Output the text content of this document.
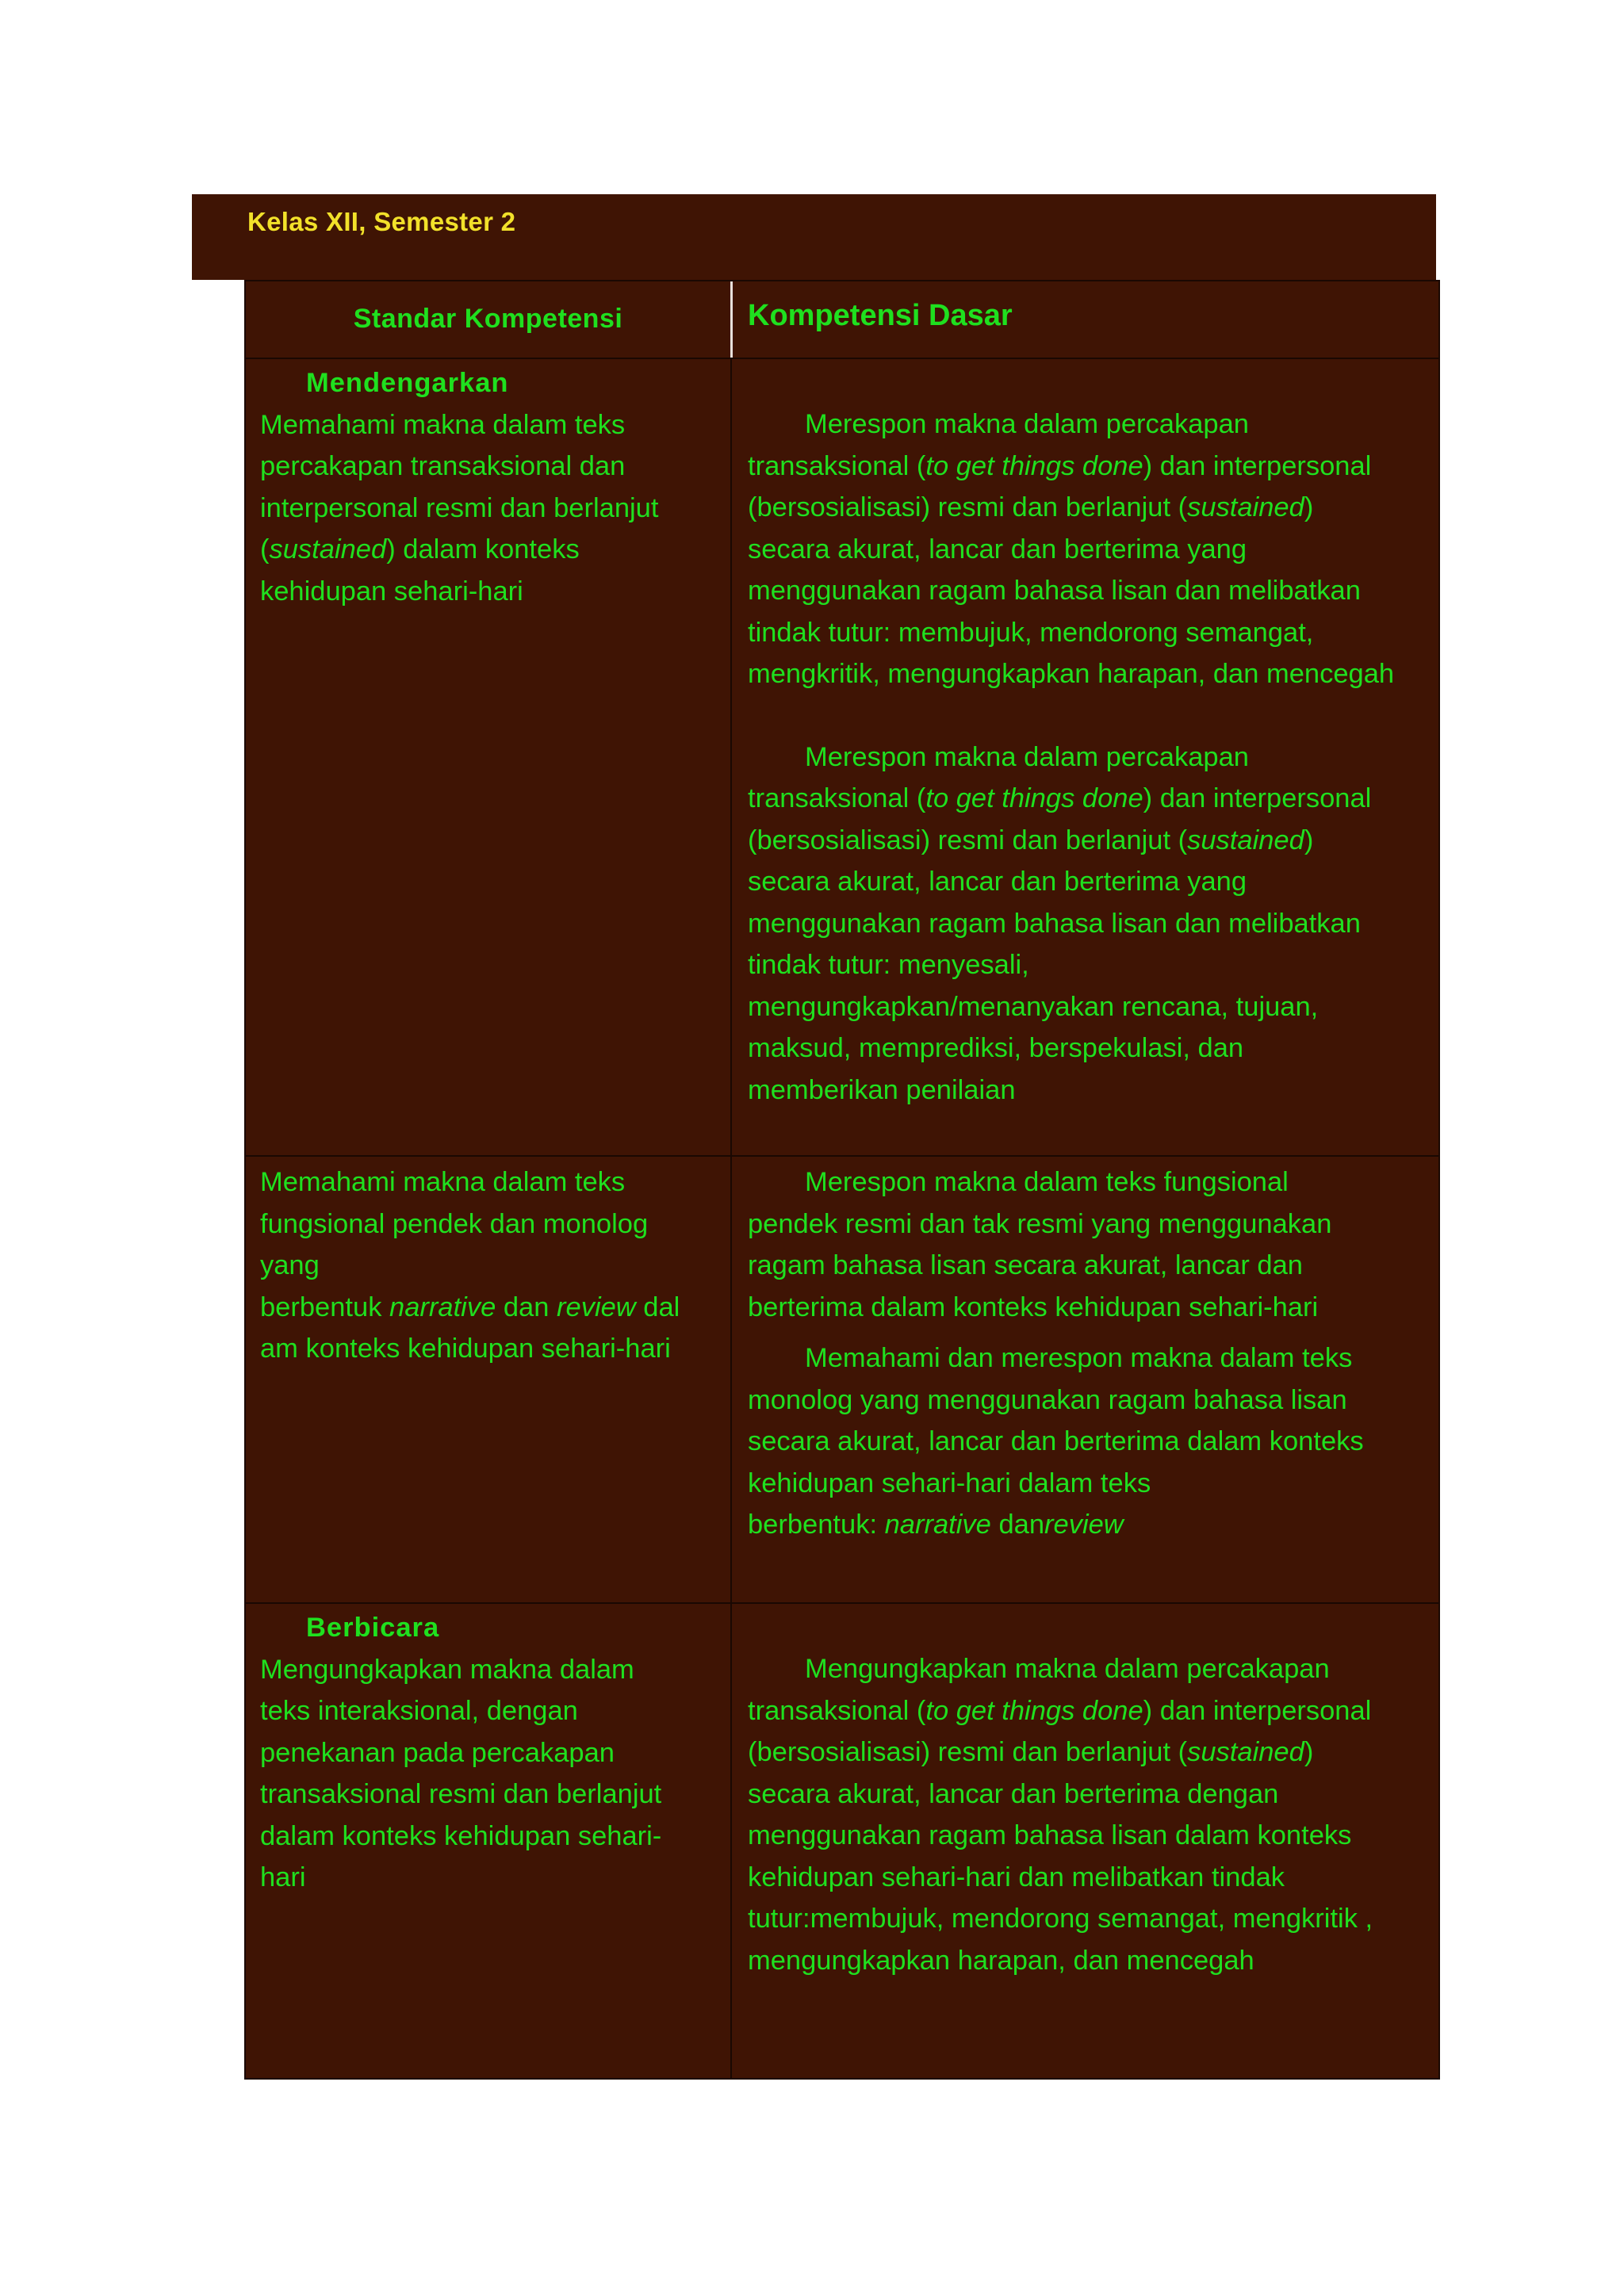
Kelas XII, Semester 2
Standar Kompetensi	Kompetensi Dasar

Mendengarkan

Memahami makna dalam teks

percakapan transaksional dan

interpersonal resmi dan berlanjut

(sustained) dalam konteks

kehidupan sehari-hari

Merespon makna dalam percakapan

transaksional (to get things done) dan interpersonal

(bersosialisasi) resmi dan berlanjut (sustained)

secara akurat, lancar dan berterima yang

menggunakan ragam bahasa lisan dan melibatkan

tindak tutur: membujuk, mendorong semangat,

mengkritik, mengungkapkan harapan, dan mencegah

Merespon makna dalam percakapan

transaksional (to get things done) dan interpersonal

(bersosialisasi) resmi dan berlanjut (sustained)

secara akurat, lancar dan berterima yang

menggunakan ragam bahasa lisan dan melibatkan

tindak tutur: menyesali,

mengungkapkan/menanyakan rencana, tujuan,

maksud, memprediksi, berspekulasi, dan

memberikan penilaian

Memahami makna dalam teks

fungsional pendek dan monolog

yang

berbentuk narrative dan review dal

am konteks kehidupan sehari-hari

Merespon makna dalam teks fungsional

pendek resmi dan tak resmi yang menggunakan

ragam bahasa lisan secara akurat, lancar dan

berterima dalam konteks kehidupan sehari-hari

Memahami dan merespon makna dalam teks

monolog yang menggunakan ragam bahasa lisan

secara akurat, lancar dan berterima dalam konteks

kehidupan sehari-hari dalam teks

berbentuk: narrative danreview

Berbicara

Mengungkapkan makna dalam

teks interaksional, dengan

penekanan pada percakapan

transaksional resmi dan berlanjut

dalam konteks kehidupan sehari-

hari

Mengungkapkan makna dalam percakapan

transaksional (to get things done) dan interpersonal

(bersosialisasi) resmi dan berlanjut (sustained)

secara akurat, lancar dan berterima dengan

menggunakan ragam bahasa lisan dalam konteks

kehidupan sehari-hari dan melibatkan tindak

tutur:membujuk, mendorong semangat, mengkritik ,

mengungkapkan harapan, dan mencegah
